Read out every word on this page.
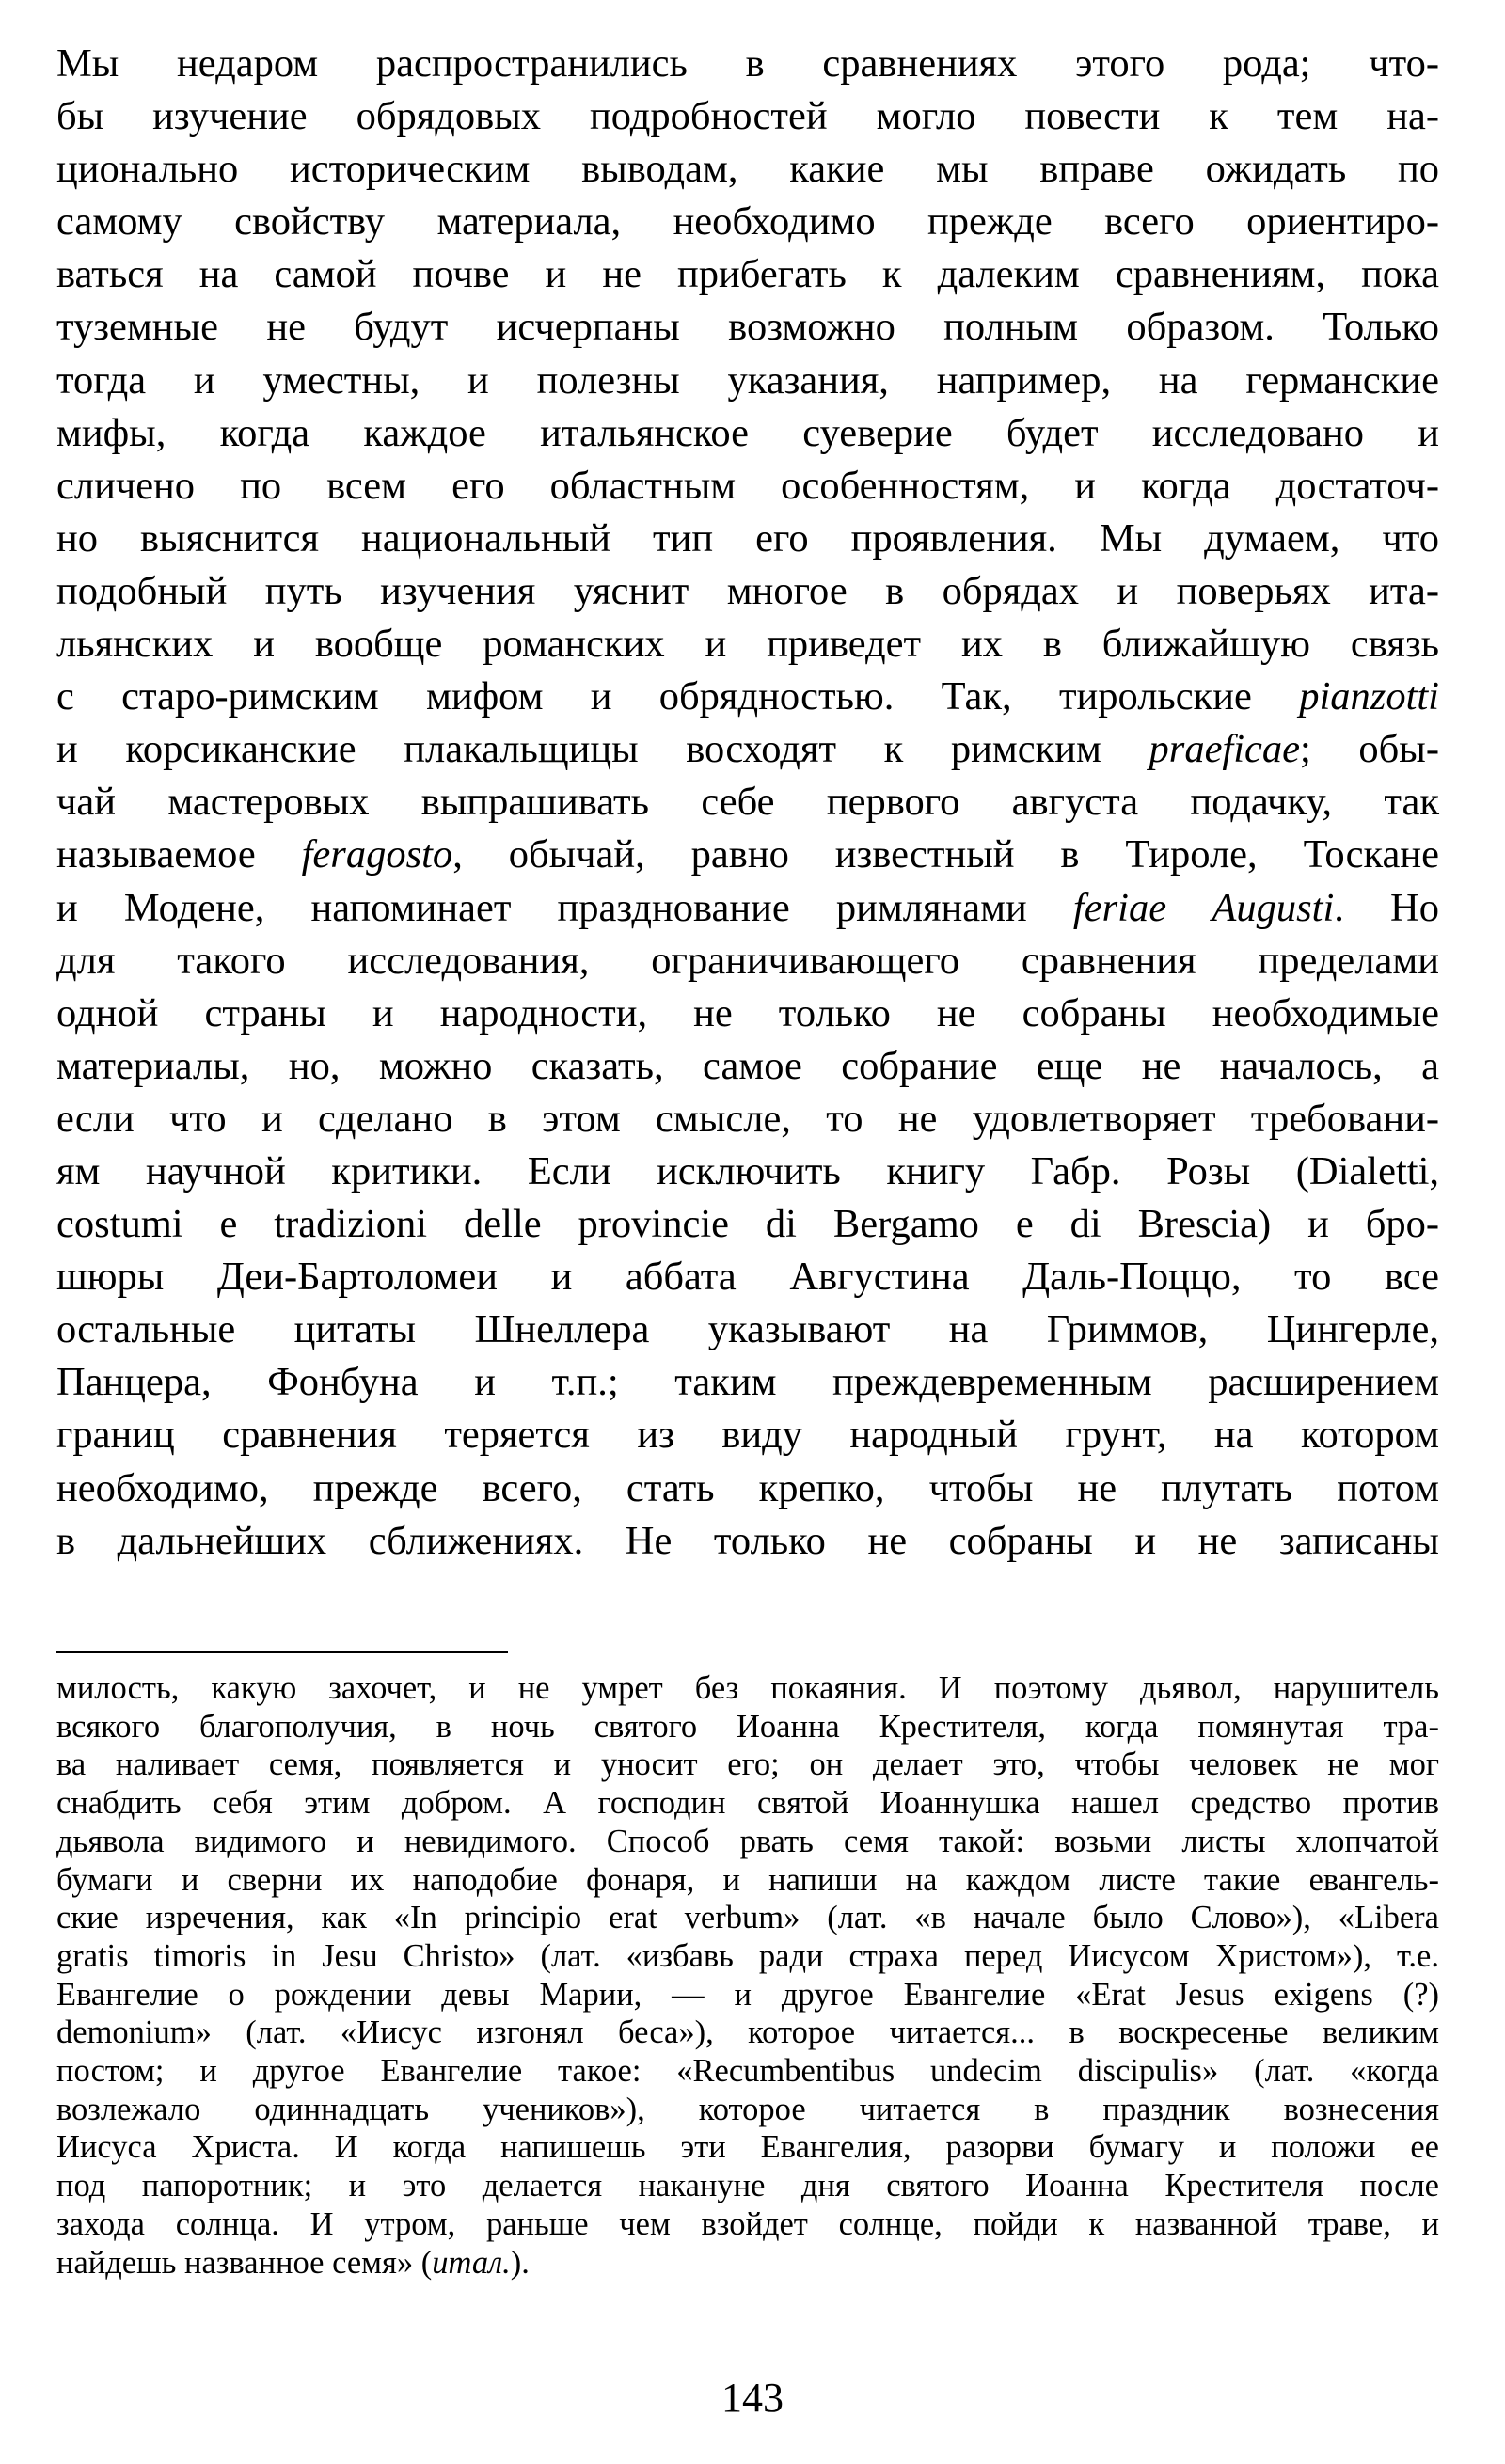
Мы недаром распространились в сравнениях этого рода; что-
бы изучение обрядовых подробностей могло повести к тем на-
ционально историческим выводам, какие мы вправе ожидать по
самому свойству материала, необходимо прежде всего ориентиро-
ваться на самой почве и не прибегать к далеким сравнениям, пока
туземные не будут исчерпаны возможно полным образом. Только
тогда и уместны, и полезны указания, например, на германские
мифы, когда каждое итальянское суеверие будет исследовано и
сличено по всем его областным особенностям, и когда достаточ-
но выяснится национальный тип его проявления. Мы думаем, что
подобный путь изучения уяснит многое в обрядах и поверьях ита-
льянских и вообще романских и приведет их в ближайшую связь
с старо-римским мифом и обрядностью. Так, тирольские pianzotti
и корсиканские плакальщицы восходят к римским praeficae; обы-
чай мастеровых выпрашивать себе первого августа подачку, так
называемое feragosto, обычай, равно известный в Тироле, Тоскане
и Модене, напоминает празднование римлянами feriae Augusti. Но
для такого исследования, ограничивающего сравнения пределами
одной страны и народности, не только не собраны необходимые
материалы, но, можно сказать, самое собрание еще не началось, а
если что и сделано в этом смысле, то не удовлетворяет требовани-
ям научной критики. Если исключить книгу Габр. Розы (Dialetti,
costumi e tradizioni delle provincie di Bergamo e di Brescia) и бро-
шюры Деи-Бартоломеи и аббата Августина Даль-Поццо, то все
остальные цитаты Шнеллера указывают на Гриммов, Цингерле,
Панцера, Фонбуна и т.п.; таким преждевременным расширением
границ сравнения теряется из виду народный грунт, на котором
необходимо, прежде всего, стать крепко, чтобы не плутать потом
в дальнейших сближениях. Не только не собраны и не записаны
милость, какую захочет, и не умрет без покаяния. И поэтому дьявол, нарушитель
всякого благополучия, в ночь святого Иоанна Крестителя, когда помянутая тра-
ва наливает семя, появляется и уносит его; он делает это, чтобы человек не мог
снабдить себя этим добром. А господин святой Иоаннушка нашел средство против
дьявола видимого и невидимого. Способ рвать семя такой: возьми листы хлопчатой
бумаги и сверни их наподобие фонаря, и напиши на каждом листе такие евангель-
ские изречения, как «In principio erat verbum» (лат. «в начале было Слово»), «Libera
gratis timoris in Jesu Christo» (лат. «избавь ради страха перед Иисусом Христом»), т.е.
Евангелие о рождении девы Марии, — и другое Евангелие «Erat Jesus exigens (?)
demonium» (лат. «Иисус изгонял беса»), которое читается... в воскресенье великим
постом; и другое Евангелие такое: «Recumbentibus undecim discipulis» (лат. «когда
возлежало одиннадцать учеников»), которое читается в праздник вознесения
Иисуса Христа. И когда напишешь эти Евангелия, разорви бумагу и положи ее
под папоротник; и это делается накануне дня святого Иоанна Крестителя после
захода солнца. И утром, раньше чем взойдет солнце, пойди к названной траве, и
найдешь названное семя» (итал.).
143
